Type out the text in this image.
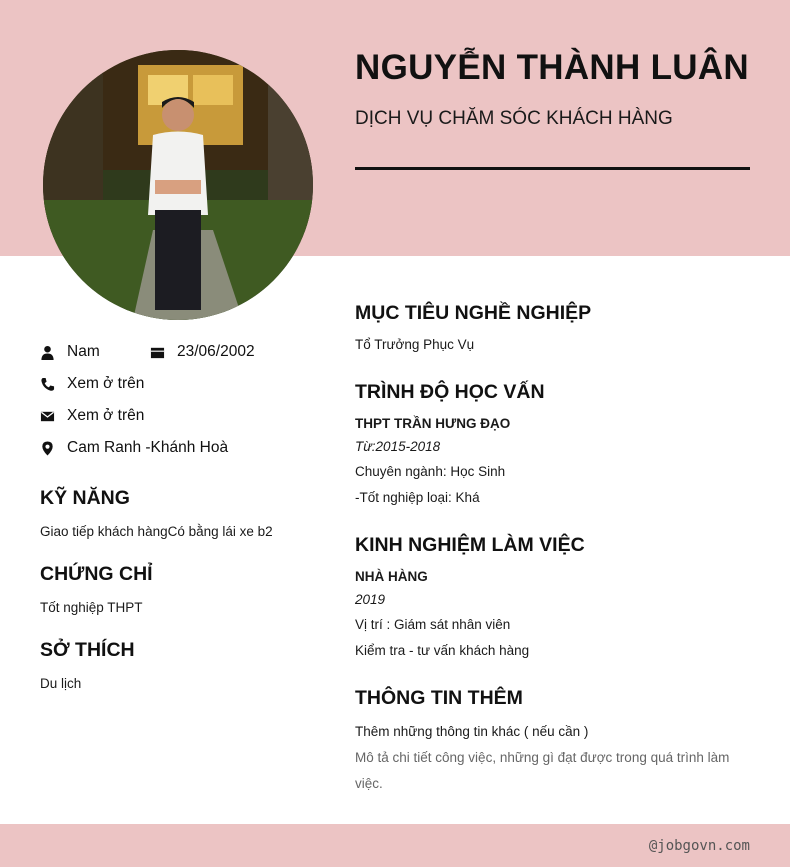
NGUYỄN THÀNH LUÂN
DỊCH VỤ CHĂM SÓC KHÁCH HÀNG
Nam	23/06/2002
Xem ở trên
Xem ở trên
Cam Ranh -Khánh Hoà
KỸ NĂNG
Giao tiếp khách hàngCó bằng lái xe b2
CHỨNG CHỈ
Tốt nghiệp THPT
SỞ THÍCH
Du lịch
MỤC TIÊU NGHỀ NGHIỆP
Tổ Trưởng Phục Vụ
TRÌNH ĐỘ HỌC VẤN
THPT TRẦN HƯNG ĐẠO
Từ:2015-2018
Chuyên ngành: Học Sinh
-Tốt nghiệp loại: Khá
KINH NGHIỆM LÀM VIỆC
NHÀ HÀNG
2019
Vị trí : Giám sát nhân viên
Kiểm tra - tư vấn khách hàng
THÔNG TIN THÊM
Thêm những thông tin khác ( nếu cần )
Mô tả chi tiết công việc, những gì đạt được trong quá trình làm việc.
@jobgovn.com
